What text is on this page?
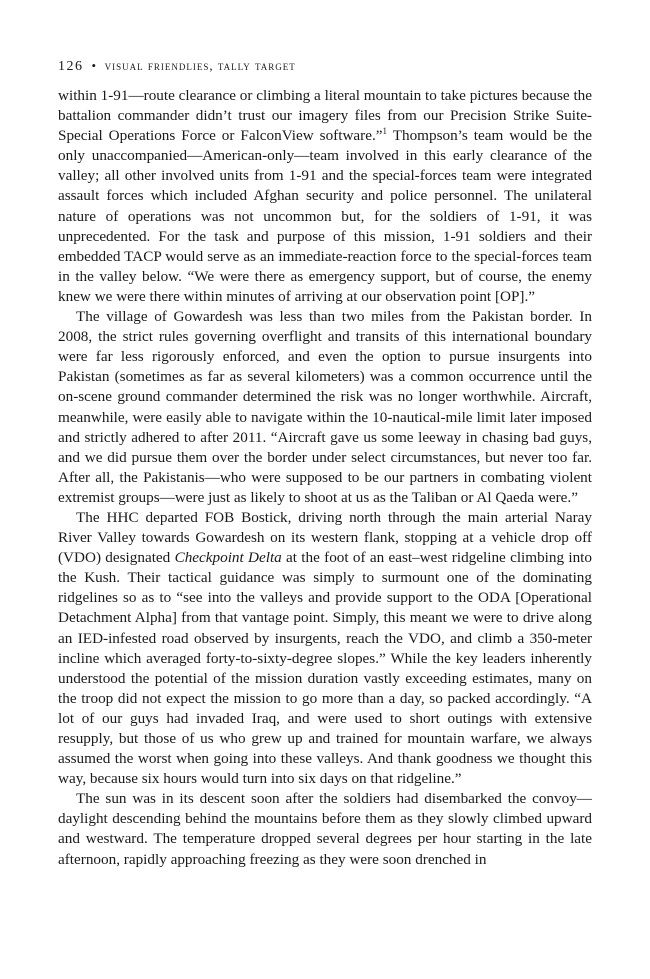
126 • visual friendlies, tally target

within 1-91—route clearance or climbing a literal mountain to take pictures because the battalion commander didn’t trust our imagery files from our Precision Strike Suite-Special Operations Force or FalconView software.”$^1$ Thompson’s team would be the only unaccompanied—American-only—team involved in this early clearance of the valley; all other involved units from 1-91 and the special-forces team were integrated assault forces which included Afghan security and police personnel. The unilateral nature of operations was not uncommon but, for the soldiers of 1-91, it was unprecedented. For the task and purpose of this mission, 1-91 soldiers and their embedded TACP would serve as an immediate-reaction force to the special-forces team in the valley below. “We were there as emergency support, but of course, the enemy knew we were there within minutes of arriving at our observation point [OP].”

The village of Gowardesh was less than two miles from the Pakistan border. In 2008, the strict rules governing overflight and transits of this international boundary were far less rigorously enforced, and even the option to pursue insurgents into Pakistan (sometimes as far as several kilometers) was a common occurrence until the on-scene ground commander determined the risk was no longer worthwhile. Aircraft, meanwhile, were easily able to navigate within the 10-nautical-mile limit later imposed and strictly adhered to after 2011. “Aircraft gave us some leeway in chasing bad guys, and we did pursue them over the border under select circumstances, but never too far. After all, the Pakistanis—who were supposed to be our partners in combating violent extremist groups—were just as likely to shoot at us as the Taliban or Al Qaeda were.”

The HHC departed FOB Bostick, driving north through the main arterial Naray River Valley towards Gowardesh on its western flank, stopping at a vehicle drop off (VDO) designated Checkpoint Delta at the foot of an east–west ridgeline climbing into the Kush. Their tactical guidance was simply to surmount one of the dominating ridgelines so as to “see into the valleys and provide support to the ODA [Operational Detachment Alpha] from that vantage point. Simply, this meant we were to drive along an IED-infested road observed by insurgents, reach the VDO, and climb a 350-meter incline which averaged forty-to-sixty-degree slopes.” While the key leaders inherently understood the potential of the mission duration vastly exceeding estimates, many on the troop did not expect the mission to go more than a day, so packed accordingly. “A lot of our guys had invaded Iraq, and were used to short outings with extensive resupply, but those of us who grew up and trained for mountain warfare, we always assumed the worst when going into these valleys. And thank goodness we thought this way, because six hours would turn into six days on that ridgeline.”

The sun was in its descent soon after the soldiers had disembarked the convoy—daylight descending behind the mountains before them as they slowly climbed upward and westward. The temperature dropped several degrees per hour starting in the late afternoon, rapidly approaching freezing as they were soon drenched in
